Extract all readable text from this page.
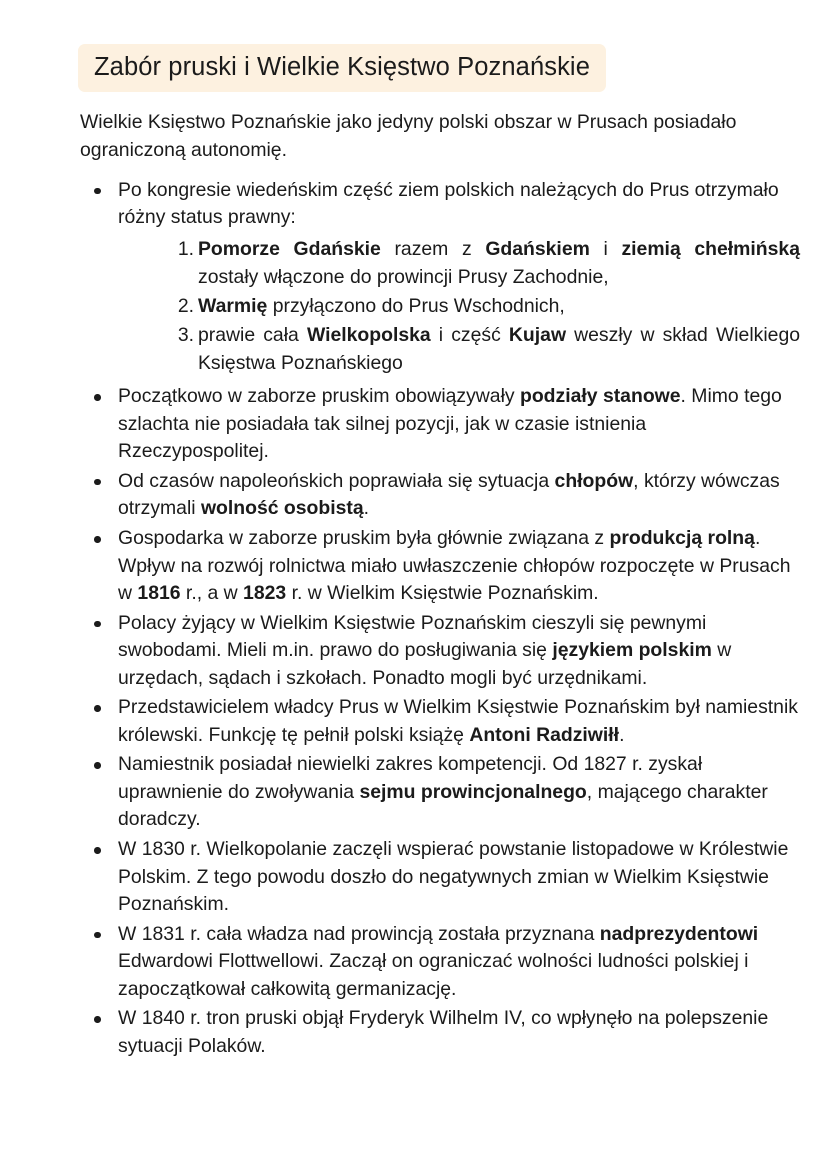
Zabór pruski i Wielkie Księstwo Poznańskie

Wielkie Księstwo Poznańskie jako jedyny polski obszar w Prusach posiadało ograniczoną autonomię.

Po kongresie wiedeńskim część ziem polskich należących do Prus otrzymało różny status prawny:
Pomorze Gdańskie razem z Gdańskiem i ziemią chełmińską zostały włączone do prowincji Prusy Zachodnie,
Warmię przyłączono do Prus Wschodnich,
prawie cała Wielkopolska i część Kujaw weszły w skład Wielkiego Księstwa Poznańskiego
Początkowo w zaborze pruskim obowiązywały podziały stanowe. Mimo tego szlachta nie posiadała tak silnej pozycji, jak w czasie istnienia Rzeczypospolitej.
Od czasów napoleońskich poprawiała się sytuacja chłopów, którzy wówczas otrzymali wolność osobistą.
Gospodarka w zaborze pruskim była głównie związana z produkcją rolną. Wpływ na rozwój rolnictwa miało uwłaszczenie chłopów rozpoczęte w Prusach w 1816 r., a w 1823 r. w Wielkim Księstwie Poznańskim.
Polacy żyjący w Wielkim Księstwie Poznańskim cieszyli się pewnymi swobodami. Mieli m.in. prawo do posługiwania się językiem polskim w urzędach, sądach i szkołach. Ponadto mogli być urzędnikami.
Przedstawicielem władcy Prus w Wielkim Księstwie Poznańskim był namiestnik królewski. Funkcję tę pełnił polski książę Antoni Radziwiłł.
Namiestnik posiadał niewielki zakres kompetencji. Od 1827 r. zyskał uprawnienie do zwoływania sejmu prowincjonalnego, mającego charakter doradczy.
W 1830 r. Wielkopolanie zaczęli wspierać powstanie listopadowe w Królestwie Polskim. Z tego powodu doszło do negatywnych zmian w Wielkim Księstwie Poznańskim.
W 1831 r. cała władza nad prowincją została przyznana nadprezydentowi Edwardowi Flottwellowi. Zaczął on ograniczać wolności ludności polskiej i zapoczątkował całkowitą germanizację.
W 1840 r. tron pruski objął Fryderyk Wilhelm IV, co wpłynęło na polepszenie sytuacji Polaków.
